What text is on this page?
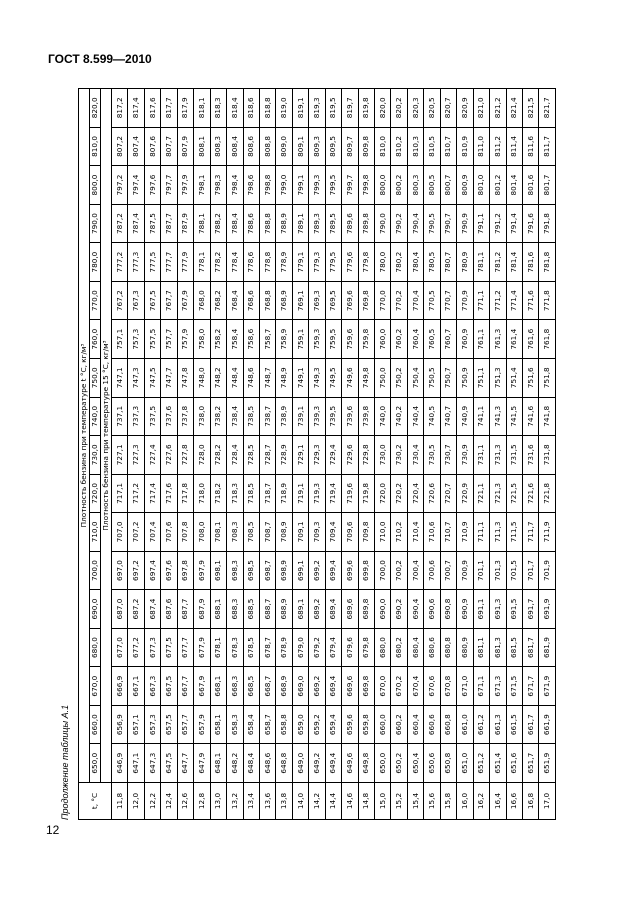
ГОСТ 8.599—2010
12
Продолжение таблицы А.1	t, °C	Плотность бензина при температуре t °C, кг/м³																	
	650,0	660,0	670,0	680,0	690,0	700,0	710,0	720,0	730,0	740,0	750,0	760,0	770,0	780,0	790,0	800,0	810,0	820,0
	Плотность бензина при температуре 15 °C, кг/м³																	
11,8	646,9	656,9	666,9	677,0	687,0	697,0	707,0	717,1	727,1	737,1	747,1	757,1	767,2	777,2	787,2	797,2	807,2	817,2
12,0	647,1	657,1	667,1	677,2	687,2	697,2	707,2	717,2	727,3	737,3	747,3	757,3	767,3	777,3	787,4	797,4	807,4	817,4
12,2	647,3	657,3	667,3	677,3	687,4	697,4	707,4	717,4	727,4	737,5	747,5	757,5	767,5	777,5	787,5	797,6	807,6	817,6
12,4	647,5	657,5	667,5	677,5	687,6	697,6	707,6	717,6	727,6	737,6	747,7	757,7	767,7	777,7	787,7	797,7	807,7	817,7
12,6	647,7	657,7	667,7	677,7	687,7	697,8	707,8	717,8	727,8	737,8	747,8	757,9	767,9	777,9	787,9	797,9	807,9	817,9
12,8	647,9	657,9	667,9	677,9	687,9	697,9	708,0	718,0	728,0	738,0	748,0	758,0	768,0	778,1	788,1	798,1	808,1	818,1
13,0	648,1	658,1	668,1	678,1	688,1	698,1	708,1	718,2	728,2	738,2	748,2	758,2	768,2	778,2	788,2	798,3	808,3	818,3
13,2	648,2	658,3	668,3	678,3	688,3	698,3	708,3	718,3	728,4	738,4	748,4	758,4	768,4	778,4	788,4	798,4	808,4	818,4
13,4	648,4	658,4	668,5	678,5	688,5	698,5	708,5	718,5	728,5	738,5	748,6	758,6	768,6	778,6	788,6	798,6	808,6	818,6
13,6	648,6	658,7	668,7	678,7	688,7	698,7	708,7	718,7	728,7	738,7	748,7	758,7	768,8	778,8	788,8	798,8	808,8	818,8
13,8	648,8	658,8	668,9	678,9	688,9	698,9	708,9	718,9	728,9	738,9	748,9	758,9	768,9	778,9	788,9	799,0	809,0	819,0
14,0	649,0	659,0	669,0	679,0	689,1	699,1	709,1	719,1	729,1	739,1	749,1	759,1	769,1	779,1	789,1	799,1	809,1	819,1
14,2	649,2	659,2	669,2	679,2	689,2	699,2	709,3	719,3	729,3	739,3	749,3	759,3	769,3	779,3	789,3	799,3	809,3	819,3
14,4	649,4	659,4	669,4	679,4	689,4	699,4	709,4	719,4	729,4	739,5	749,5	759,5	769,5	779,5	789,5	799,5	809,5	819,5
14,6	649,6	659,6	669,6	679,6	689,6	699,6	709,6	719,6	729,6	739,6	749,6	759,6	769,6	779,6	789,6	799,7	809,7	819,7
14,8	649,8	659,8	669,8	679,8	689,8	699,8	709,8	719,8	729,8	739,8	749,8	759,8	769,8	779,8	789,8	799,8	809,8	819,8
15,0	650,0	660,0	670,0	680,0	690,0	700,0	710,0	720,0	730,0	740,0	750,0	760,0	770,0	780,0	790,0	800,0	810,0	820,0
15,2	650,2	660,2	670,2	680,2	690,2	700,2	710,2	720,2	730,2	740,2	750,2	760,2	770,2	780,2	790,2	800,2	810,2	820,2
15,4	650,4	660,4	670,4	680,4	690,4	700,4	710,4	720,4	730,4	740,4	750,4	760,4	770,4	780,4	790,4	800,3	810,3	820,3
15,6	650,6	660,6	670,6	680,6	690,6	700,6	710,6	720,6	730,5	740,5	750,5	760,5	770,5	780,5	790,5	800,5	810,5	820,5
15,8	650,8	660,8	670,8	680,8	690,8	700,7	710,7	720,7	730,7	740,7	750,7	760,7	770,7	780,7	790,7	800,7	810,7	820,7
16,0	651,0	661,0	671,0	680,9	690,9	700,9	710,9	720,9	730,9	740,9	750,9	760,9	770,9	780,9	790,9	800,9	810,9	820,9
16,2	651,2	661,2	671,1	681,1	691,1	701,1	711,1	721,1	731,1	741,1	751,1	761,1	771,1	781,1	791,1	801,0	811,0	821,0
16,4	651,4	661,3	671,3	681,3	691,3	701,3	711,3	721,3	731,3	741,3	751,3	761,3	771,2	781,2	791,2	801,2	811,2	821,2
16,6	651,6	661,5	671,5	681,5	691,5	701,5	711,5	721,5	731,5	741,5	751,4	761,4	771,4	781,4	791,4	801,4	811,4	821,4
16,8	651,7	661,7	671,7	681,7	691,7	701,7	711,7	721,6	731,6	741,6	751,6	761,6	771,6	781,6	791,6	801,6	811,6	821,5
17,0	651,9	661,9	671,9	681,9	691,9	701,9	711,9	721,8	731,8	741,8	751,8	761,8	771,8	781,8	791,8	801,7	811,7	821,7
